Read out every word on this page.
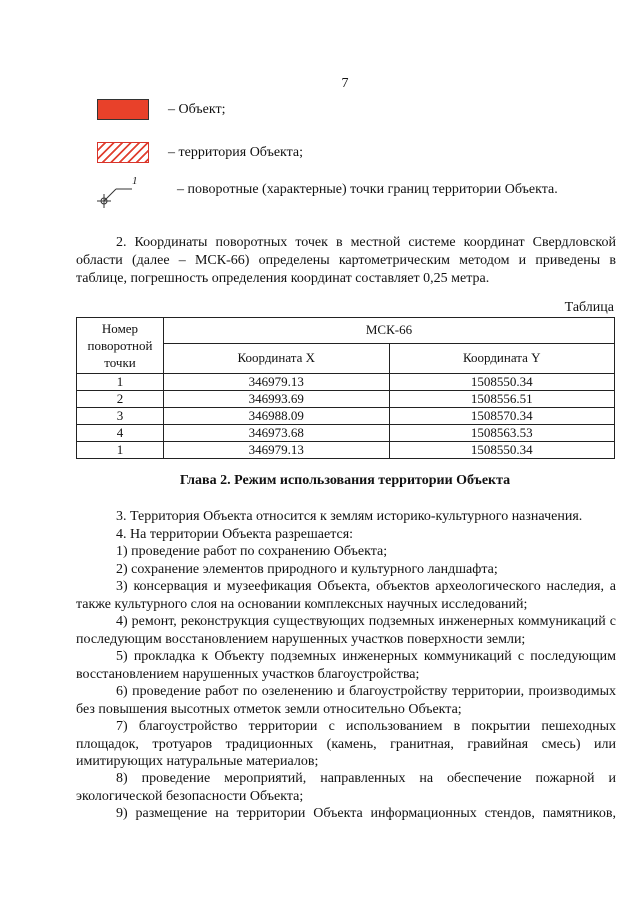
7
– Объект;
– территория Объекта;
1
– поворотные (характерные) точки границ территории Объекта.
2. Координаты поворотных точек в местной системе координат Свердловской области (далее – МСК-66) определены картометрическим методом и приведены в таблице, погрешность определения координат составляет 0,25 метра.
Таблица
Номер поворотной точки	МСК-66	
	Координата X	Координата Y
1	346979.13	1508550.34
2	346993.69	1508556.51
3	346988.09	1508570.34
4	346973.68	1508563.53
1	346979.13	1508550.34
Глава 2. Режим использования территории Объекта
3. Территория Объекта относится к землям историко-культурного назначения.
4. На территории Объекта разрешается:
1) проведение работ по сохранению Объекта;
2) сохранение элементов природного и культурного ландшафта;
3) консервация и музеефикация Объекта, объектов археологического наследия, а также культурного слоя на основании комплексных научных исследований;
4) ремонт, реконструкция существующих подземных инженерных коммуникаций с последующим восстановлением нарушенных участков поверхности земли;
5) прокладка к Объекту подземных инженерных коммуникаций с последующим восстановлением нарушенных участков благоустройства;
6) проведение работ по озеленению и благоустройству территории, производимых без повышения высотных отметок земли относительно Объекта;
7) благоустройство территории с использованием в покрытии пешеходных площадок, тротуаров традиционных (камень, гранитная, гравийная смесь) или имитирующих натуральные материалов;
8) проведение мероприятий, направленных на обеспечение пожарной и экологической безопасности Объекта;
9) размещение на территории Объекта информационных стендов, памятников,
